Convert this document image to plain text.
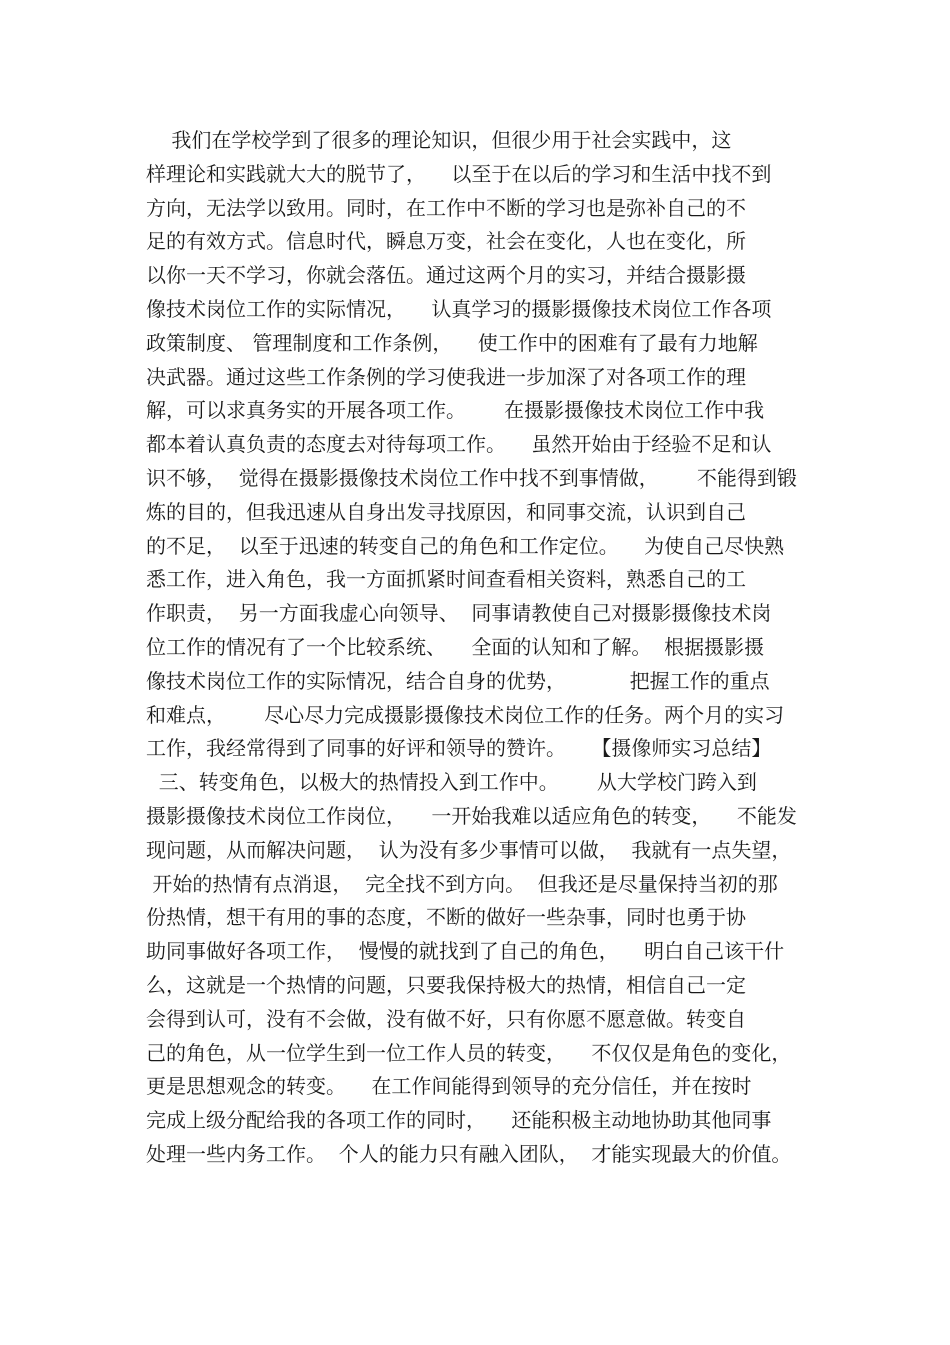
我们在学校学到了很多的理论知识，但很少用于社会实践中，这
样理论和实践就大大的脱节了，    以至于在以后的学习和生活中找不到
方向，无法学以致用。同时，在工作中不断的学习也是弥补自己的不
足的有效方式。信息时代，瞬息万变，社会在变化，人也在变化，所
以你一天不学习，你就会落伍。通过这两个月的实习，并结合摄影摄
像技术岗位工作的实际情况，    认真学习的摄影摄像技术岗位工作各项
政策制度、 管理制度和工作条例，    使工作中的困难有了最有力地解
决武器。通过这些工作条例的学习使我进一步加深了对各项工作的理
解，可以求真务实的开展各项工作。      在摄影摄像技术岗位工作中我
都本着认真负责的态度去对待每项工作。    虽然开始由于经验不足和认
识不够，  觉得在摄影摄像技术岗位工作中找不到事情做，      不能得到锻
炼的目的，但我迅速从自身出发寻找原因，和同事交流，认识到自己
的不足，  以至于迅速的转变自己的角色和工作定位。    为使自己尽快熟
悉工作，进入角色，我一方面抓紧时间查看相关资料，熟悉自己的工
作职责，  另一方面我虚心向领导、  同事请教使自己对摄影摄像技术岗
位工作的情况有了一个比较系统、    全面的认知和了解。  根据摄影摄
像技术岗位工作的实际情况，结合自身的优势，          把握工作的重点
和难点，      尽心尽力完成摄影摄像技术岗位工作的任务。两个月的实习
工作，我经常得到了同事的好评和领导的赞许。    【摄像师实习总结】
三、转变角色，以极大的热情投入到工作中。      从大学校门跨入到
摄影摄像技术岗位工作岗位，    一开始我难以适应角色的转变，    不能发
现问题，从而解决问题，  认为没有多少事情可以做，  我就有一点失望，
开始的热情有点消退，  完全找不到方向。  但我还是尽量保持当初的那
份热情，想干有用的事的态度，不断的做好一些杂事，同时也勇于协
助同事做好各项工作，  慢慢的就找到了自己的角色，    明白自己该干什
么，这就是一个热情的问题，只要我保持极大的热情，相信自己一定
会得到认可，没有不会做，没有做不好，只有你愿不愿意做。转变自
己的角色，从一位学生到一位工作人员的转变，    不仅仅是角色的变化，
更是思想观念的转变。    在工作间能得到领导的充分信任，并在按时
完成上级分配给我的各项工作的同时，    还能积极主动地协助其他同事
处理一些内务工作。  个人的能力只有融入团队，  才能实现最大的价值。
